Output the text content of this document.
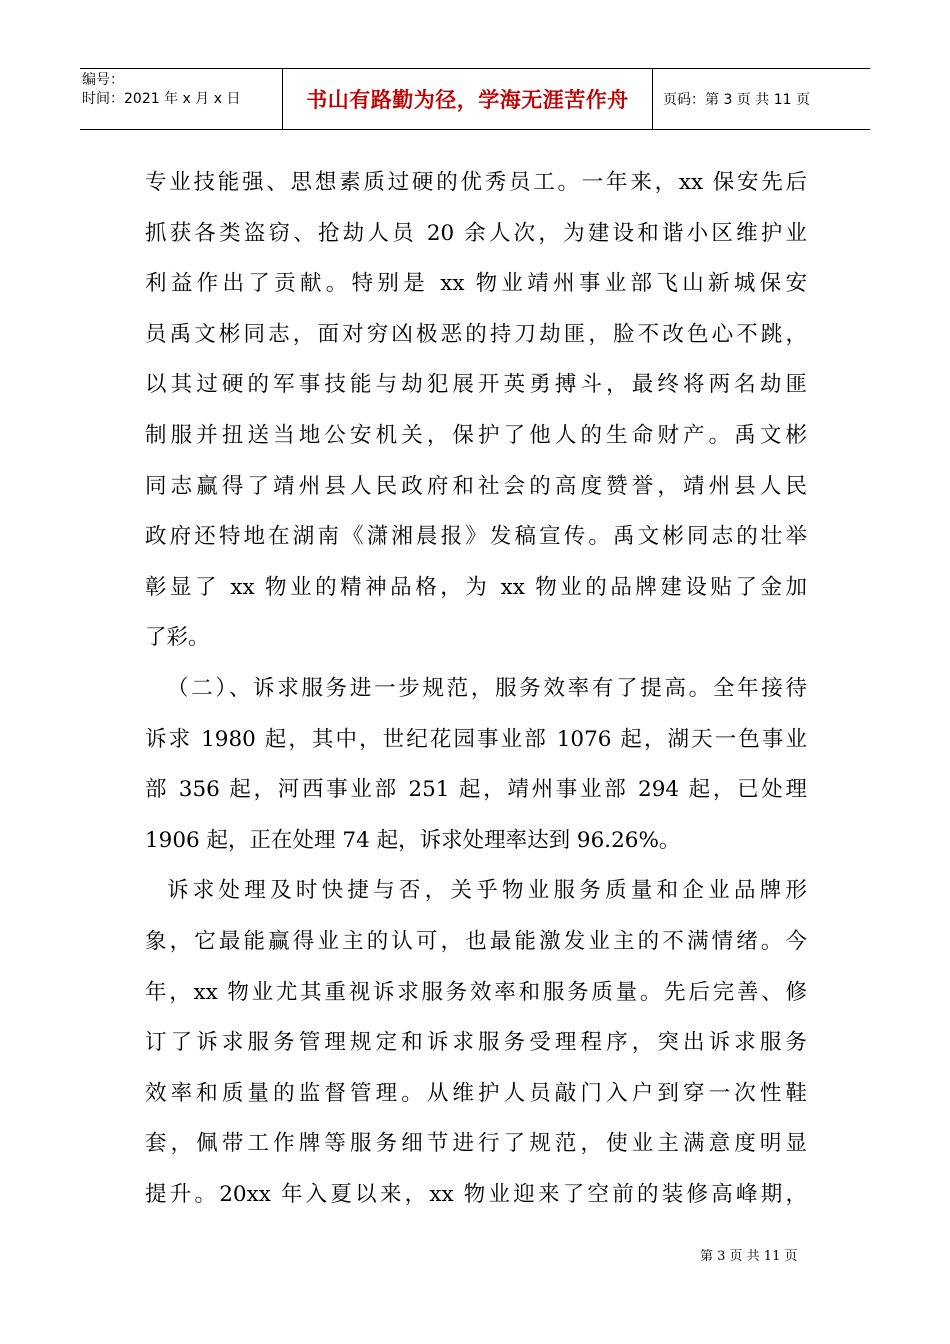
编号：
时间：2021 年 x 月 x 日	书山有路勤为径，学海无涯苦作舟	页码：第 3 页 共 11 页
专业技能强、思想素质过硬的优秀员工。一年来，xx 保安先后
抓获各类盗窃、抢劫人员 20 余人次，为建设和谐小区维护业
利益作出了贡献。特别是 xx 物业靖州事业部飞山新城保安
员禹文彬同志，面对穷凶极恶的持刀劫匪，脸不改色心不跳，
以其过硬的军事技能与劫犯展开英勇搏斗，最终将两名劫匪
制服并扭送当地公安机关，保护了他人的生命财产。禹文彬
同志赢得了靖州县人民政府和社会的高度赞誉，靖州县人民
政府还特地在湖南《潇湘晨报》发稿宣传。禹文彬同志的壮举
彰显了 xx 物业的精神品格，为 xx 物业的品牌建设贴了金加
了彩。
（二）、诉求服务进一步规范，服务效率有了提高。全年接待
诉求 1980 起，其中，世纪花园事业部 1076 起，湖天一色事业
部 356 起，河西事业部 251 起，靖州事业部 294 起，已处理
1906 起，正在处理 74 起，诉求处理率达到 96.26%。
诉求处理及时快捷与否，关乎物业服务质量和企业品牌形
象，它最能赢得业主的认可，也最能激发业主的不满情绪。今
年，xx 物业尤其重视诉求服务效率和服务质量。先后完善、修
订了诉求服务管理规定和诉求服务受理程序，突出诉求服务
效率和质量的监督管理。从维护人员敲门入户到穿一次性鞋
套，佩带工作牌等服务细节进行了规范，使业主满意度明显
提升。20xx 年入夏以来，xx 物业迎来了空前的装修高峰期，
第 3 页 共 11 页
